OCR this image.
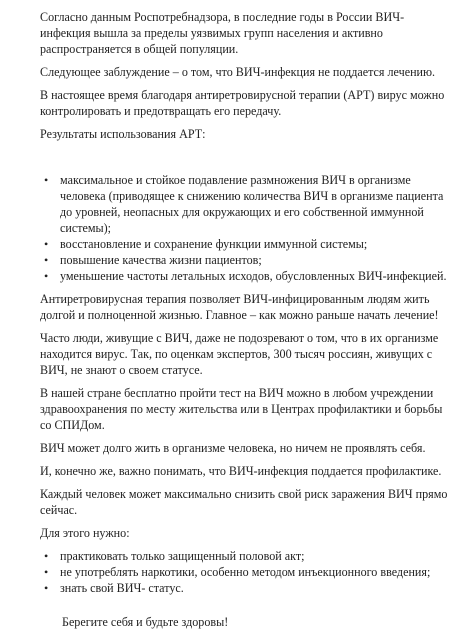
Согласно данным Роспотребнадзора, в последние годы в России ВИЧ-инфекция вышла за пределы уязвимых групп населения и активно распространяется в общей популяции.

Следующее заблуждение – о том, что ВИЧ-инфекция не поддается лечению.

В настоящее время благодаря антиретровирусной терапии (АРТ) вирус можно контролировать и предотвращать его передачу.

Результаты использования АРТ:

• максимальное и стойкое подавление размножения ВИЧ в организме человека (приводящее к снижению количества ВИЧ в организме пациента до уровней, неопасных для окружающих и его собственной иммунной системы);
• восстановление и сохранение функции иммунной системы;
• повышение качества жизни пациентов;
• уменьшение частоты летальных исходов, обусловленных ВИЧ-инфекцией.

Антиретровирусная терапия позволяет ВИЧ-инфицированным людям жить долгой и полноценной жизнью. Главное – как можно раньше начать лечение!

Часто люди, живущие с ВИЧ, даже не подозревают о том, что в их организме находится вирус. Так, по оценкам экспертов, 300 тысяч россиян, живущих с ВИЧ, не знают о своем статусе.

В нашей стране бесплатно пройти тест на ВИЧ можно в любом учреждении здравоохранения по месту жительства или в Центрах профилактики и борьбы со СПИДом.

ВИЧ может долго жить в организме человека, но ничем не проявлять себя.

И, конечно же, важно понимать, что ВИЧ-инфекция поддается профилактике.

Каждый человек может максимально снизить свой риск заражения ВИЧ прямо сейчас.

Для этого нужно:

• практиковать только защищенный половой акт;
• не употреблять наркотики, особенно методом инъекционного введения;
• знать свой ВИЧ- статус.

Берегите себя и будьте здоровы!
